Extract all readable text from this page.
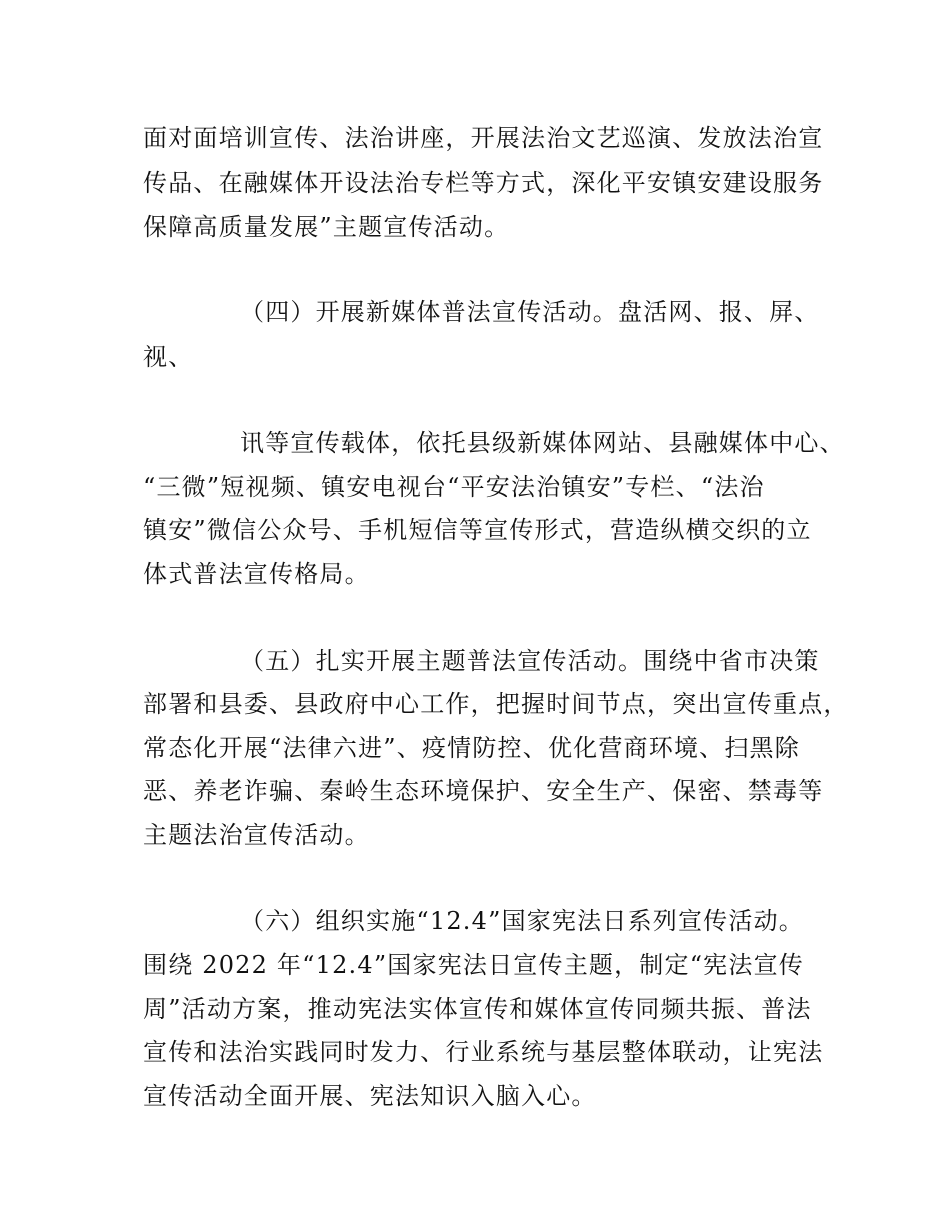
面对面培训宣传、法治讲座，开展法治文艺巡演、发放法治宣
传品、在融媒体开设法治专栏等方式，深化平安镇安建设服务
保障高质量发展”主题宣传活动。
（四）开展新媒体普法宣传活动。盘活网、报、屏、
视、
讯等宣传载体，依托县级新媒体网站、县融媒体中心、
“三微”短视频、镇安电视台“平安法治镇安”专栏、“法治
镇安”微信公众号、手机短信等宣传形式，营造纵横交织的立
体式普法宣传格局。
（五）扎实开展主题普法宣传活动。围绕中省市决策
部署和县委、县政府中心工作，把握时间节点，突出宣传重点，
常态化开展“法律六进”、疫情防控、优化营商环境、扫黑除
恶、养老诈骗、秦岭生态环境保护、安全生产、保密、禁毒等
主题法治宣传活动。
（六）组织实施“12.4”国家宪法日系列宣传活动。
围绕 2022 年“12.4”国家宪法日宣传主题，制定“宪法宣传
周”活动方案，推动宪法实体宣传和媒体宣传同频共振、普法
宣传和法治实践同时发力、行业系统与基层整体联动，让宪法
宣传活动全面开展、宪法知识入脑入心。
